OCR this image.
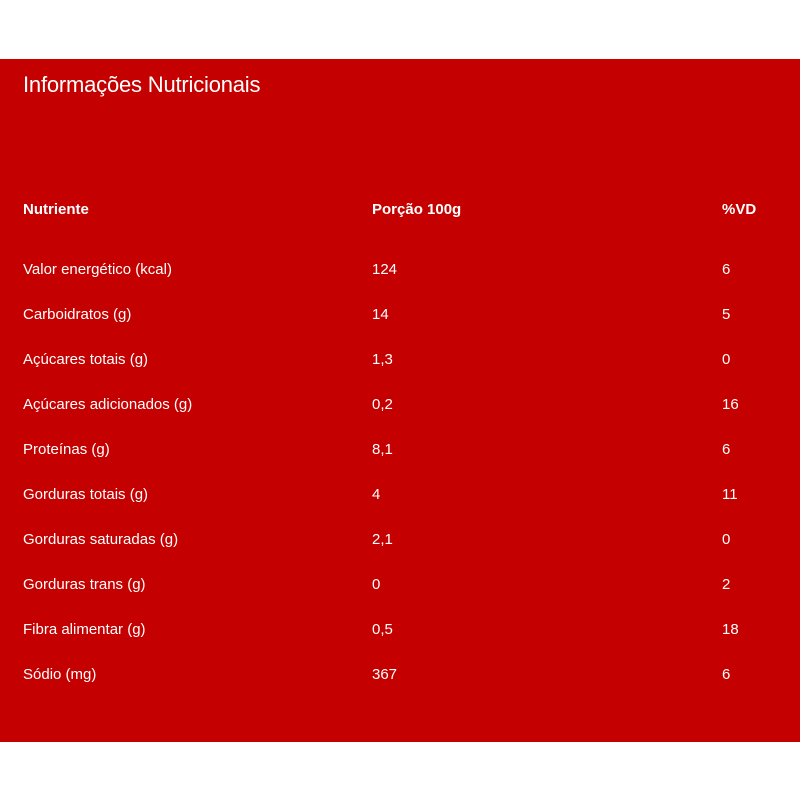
Informações Nutricionais
Nutriente	Porção 100g	%VD
Valor energético (kcal)	124	6
Carboidratos (g)	14	5
Açúcares totais (g)	1,3	0
Açúcares adicionados (g)	0,2	16
Proteínas (g)	8,1	6
Gorduras totais (g)	4	11
Gorduras saturadas (g)	2,1	0
Gorduras trans (g)	0	2
Fibra alimentar (g)	0,5	18
Sódio (mg)	367	6
